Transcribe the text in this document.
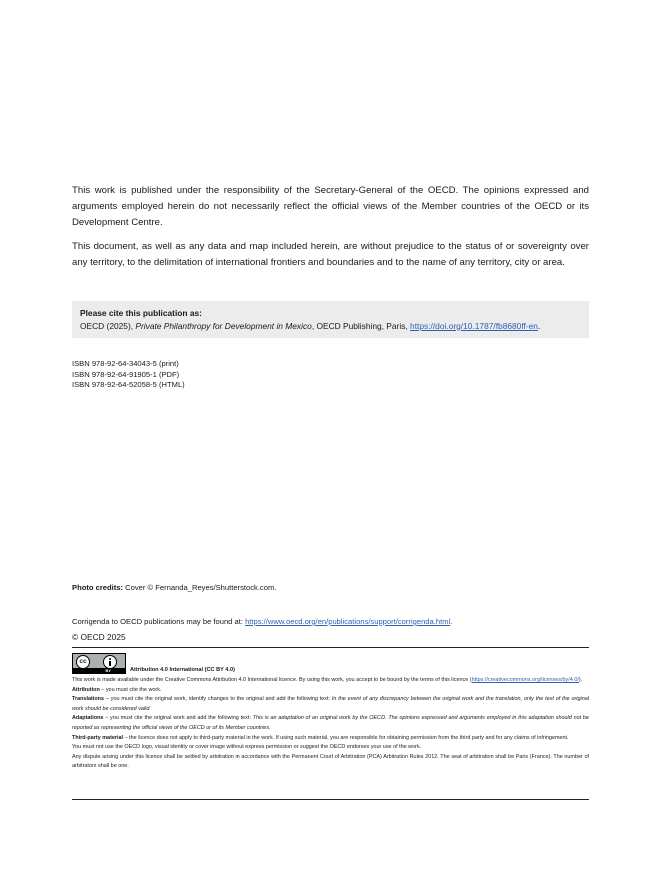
This work is published under the responsibility of the Secretary-General of the OECD. The opinions expressed and arguments employed herein do not necessarily reflect the official views of the Member countries of the OECD or its Development Centre.

This document, as well as any data and map included herein, are without prejudice to the status of or sovereignty over any territory, to the delimitation of international frontiers and boundaries and to the name of any territory, city or area.

Please cite this publication as:
OECD (2025), Private Philanthropy for Development in Mexico, OECD Publishing, Paris, https://doi.org/10.1787/fb8680ff-en.
ISBN 978-92-64-34043-5 (print)
ISBN 978-92-64-91905-1 (PDF)
ISBN 978-92-64-52058-5 (HTML)
Photo credits: Cover © Fernanda_Reyes/Shutterstock.com.
Corrigenda to OECD publications may be found at: https://www.oecd.org/en/publications/support/corrigenda.html.
© OECD 2025
cc
BY	Attribution 4.0 International (CC BY 4.0)

This work is made available under the Creative Commons Attribution 4.0 International licence. By using this work, you accept to be bound by the terms of this licence (https://creativecommons.org/licenses/by/4.0/).

Attribution – you must cite the work.

Translations – you must cite the original work, identify changes to the original and add the following text: In the event of any discrepancy between the original work and the translation, only the text of the original work should be considered valid.

Adaptations – you must cite the original work and add the following text: This is an adaptation of an original work by the OECD. The opinions expressed and arguments employed in this adaptation should not be reported as representing the official views of the OECD or of its Member countries.

Third-party material – the licence does not apply to third-party material in the work. If using such material, you are responsible for obtaining permission from the third party and for any claims of infringement.

You must not use the OECD logo, visual identity or cover image without express permission or suggest the OECD endorses your use of the work.

Any dispute arising under this licence shall be settled by arbitration in accordance with the Permanent Court of Arbitration (PCA) Arbitration Rules 2012. The seat of arbitration shall be Paris (France). The number of arbitrators shall be one.
